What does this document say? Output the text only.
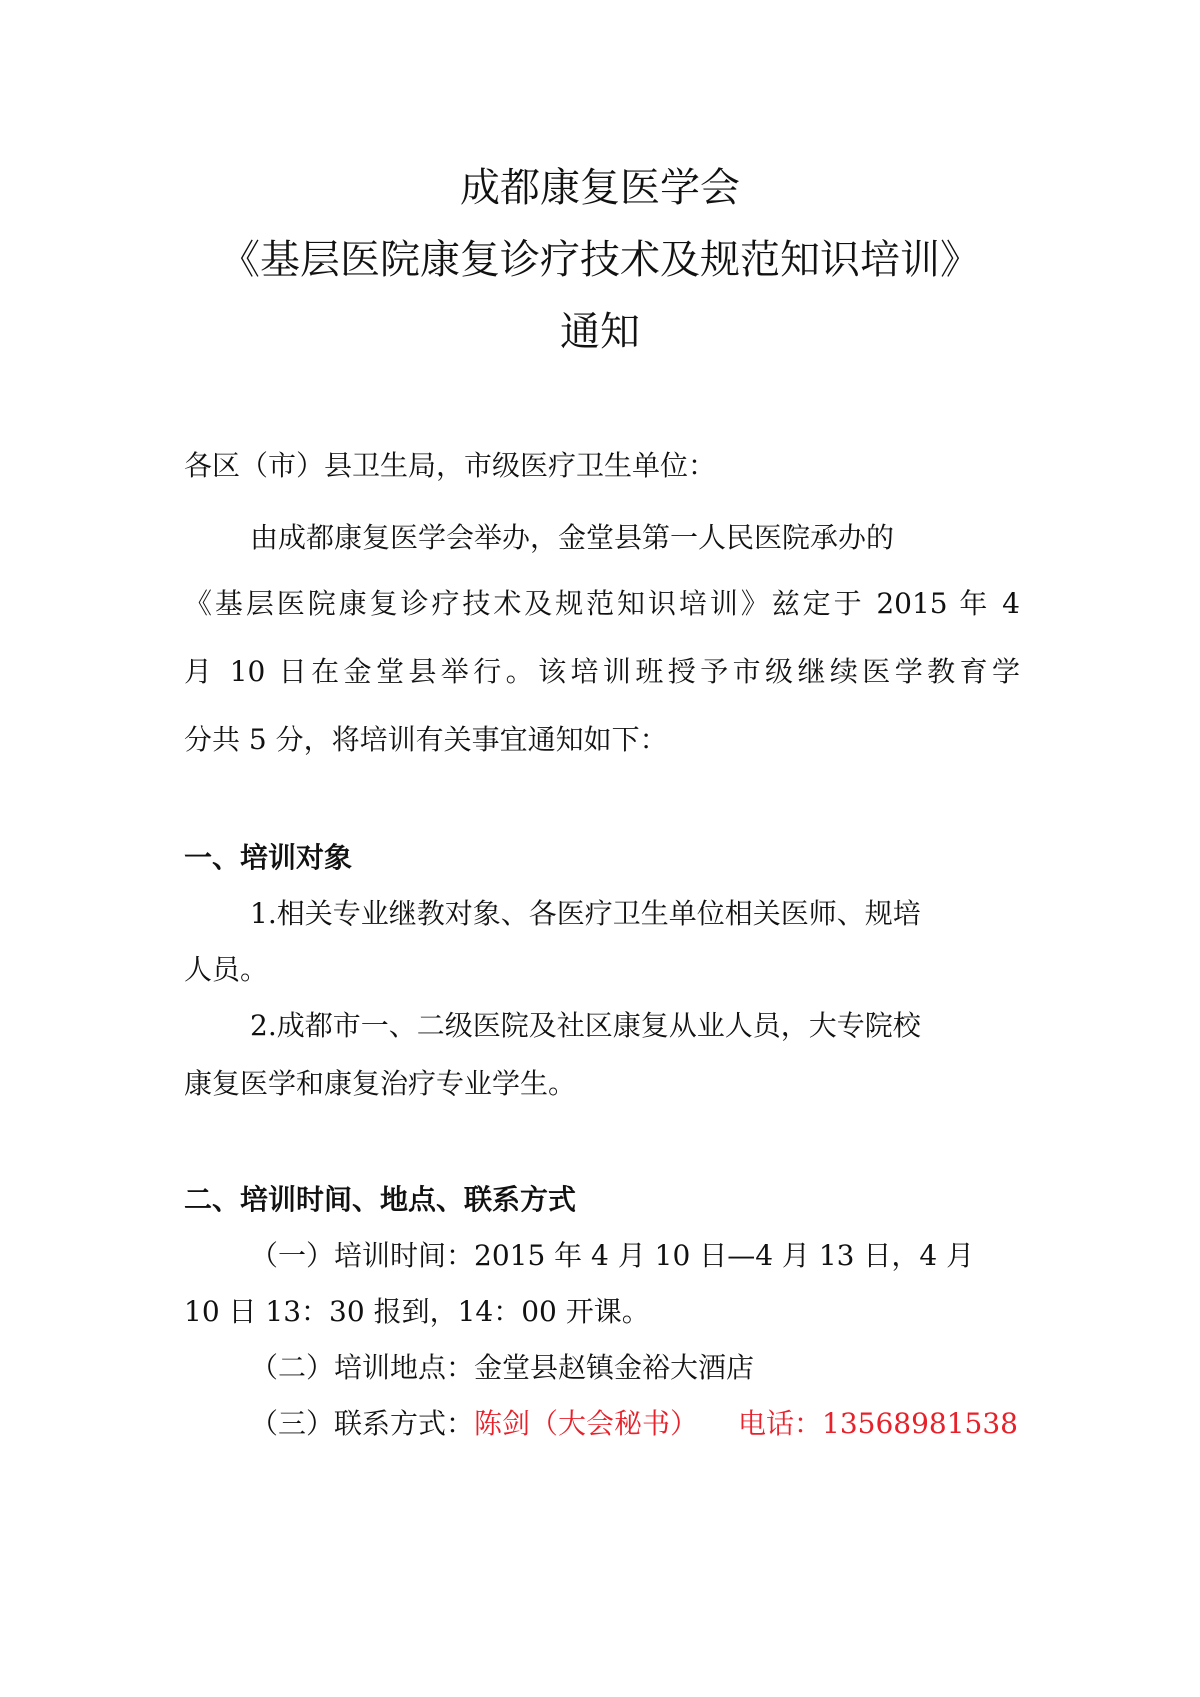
成都康复医学会
《基层医院康复诊疗技术及规范知识培训》
通知
各区（市）县卫生局，市级医疗卫生单位：
由成都康复医学会举办，金堂县第一人民医院承办的
《基层医院康复诊疗技术及规范知识培训》兹定于 2015 年 4
月 10 日在金堂县举行。该培训班授予市级继续医学教育学
分共 5 分，将培训有关事宜通知如下：
一、培训对象
1.相关专业继教对象、各医疗卫生单位相关医师、规培
人员。
2.成都市一、二级医院及社区康复从业人员，大专院校
康复医学和康复治疗专业学生。
二、培训时间、地点、联系方式
（一）培训时间：2015 年 4 月 10 日—4 月 13 日，4 月
10 日 13：30 报到，14：00 开课。
（二）培训地点：金堂县赵镇金裕大酒店
（三）联系方式：陈剑（大会秘书） 电话：13568981538
